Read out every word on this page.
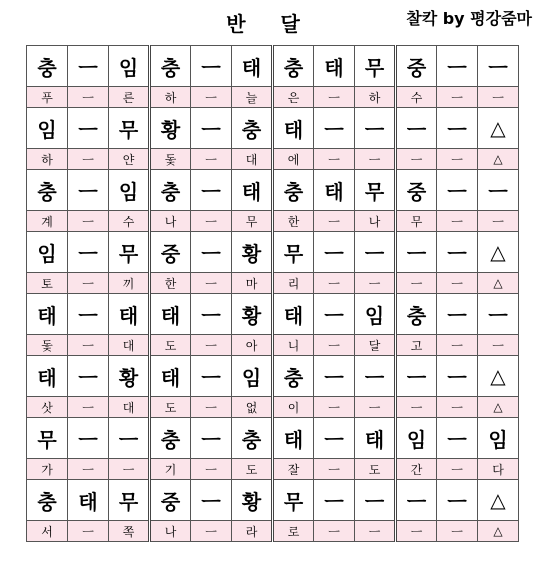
반 달	찰칵 by 평강줌마
충	ㅡ	임	충	ㅡ	태	충	태	무	중	ㅡ	ㅡ
푸	ㅡ	른	하	ㅡ	늘	은	ㅡ	하	수	ㅡ	ㅡ
임	ㅡ	무	황	ㅡ	충	태	ㅡ	ㅡ	ㅡ	ㅡ	△
하	ㅡ	얀	돛	ㅡ	대	에	ㅡ	ㅡ	ㅡ	ㅡ	△
충	ㅡ	임	충	ㅡ	태	충	태	무	중	ㅡ	ㅡ
계	ㅡ	수	나	ㅡ	무	한	ㅡ	나	무	ㅡ	ㅡ
임	ㅡ	무	중	ㅡ	황	무	ㅡ	ㅡ	ㅡ	ㅡ	△
토	ㅡ	끼	한	ㅡ	마	리	ㅡ	ㅡ	ㅡ	ㅡ	△
태	ㅡ	태	태	ㅡ	황	태	ㅡ	임	충	ㅡ	ㅡ
돛	ㅡ	대	도	ㅡ	아	니	ㅡ	달	고	ㅡ	ㅡ
태	ㅡ	황	태	ㅡ	임	충	ㅡ	ㅡ	ㅡ	ㅡ	△
삿	ㅡ	대	도	ㅡ	없	이	ㅡ	ㅡ	ㅡ	ㅡ	△
무	ㅡ	ㅡ	충	ㅡ	충	태	ㅡ	태	임	ㅡ	임
가	ㅡ	ㅡ	기	ㅡ	도	잘	ㅡ	도	간	ㅡ	다
충	태	무	중	ㅡ	황	무	ㅡ	ㅡ	ㅡ	ㅡ	△
서	ㅡ	쪽	나	ㅡ	라	로	ㅡ	ㅡ	ㅡ	ㅡ	△
